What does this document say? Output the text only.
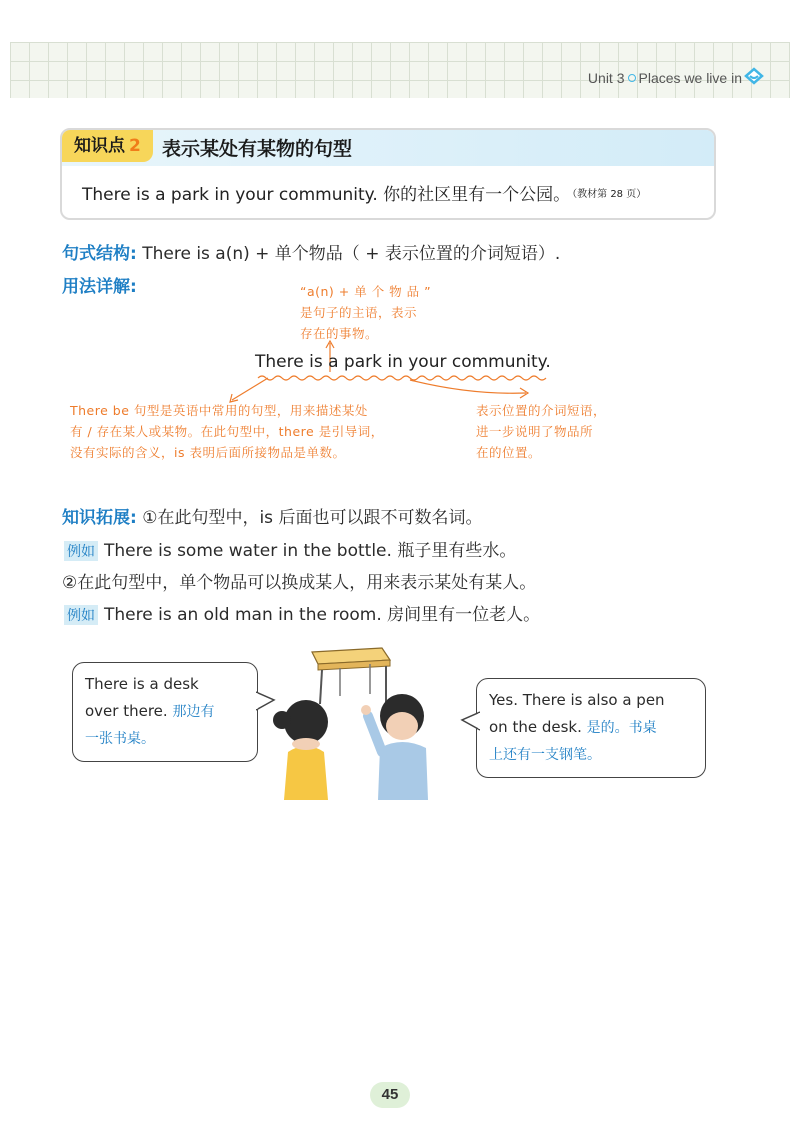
Unit 3 Places we live in
知识点 2	表示某处有某物的句型
There is a park in your community. 你的社区里有一个公园。 （教材第 28 页）
句式结构: There is a(n) + 单个物品（ + 表示位置的介词短语）.
用法详解:	“a(n) + 单 个 物 品 ”
是句子的主语，表示
存在的事物。
There is a park in your community.
There be 句型是英语中常用的句型，用来描述某处
有 / 存在某人或某物。在此句型中，there 是引导词，
没有实际的含义，is 表明后面所接物品是单数。
表示位置的介词短语，
进一步说明了物品所
在的位置。
知识拓展: ①在此句型中，is 后面也可以跟不可数名词。
例如 There is some water in the bottle. 瓶子里有些水。
②在此句型中，单个物品可以换成某人，用来表示某处有某人。
例如 There is an old man in the room. 房间里有一位老人。
There is a desk
over there. 那边有
一张书桌。
Yes. There is also a pen
on the desk. 是的。书桌
上还有一支钢笔。
45
